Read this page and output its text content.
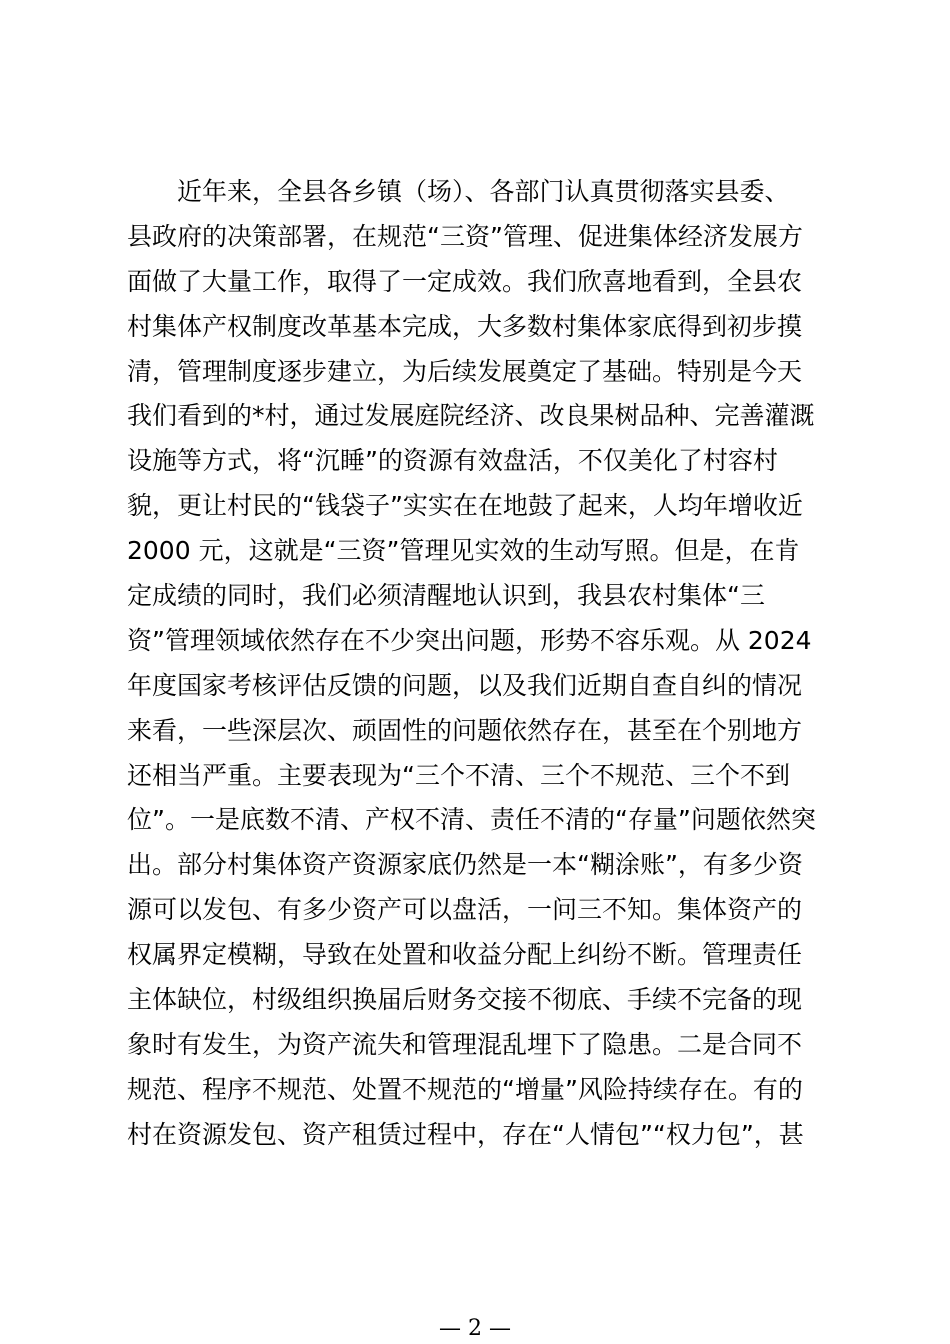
近年来，全县各乡镇（场）、各部门认真贯彻落实县委、
县政府的决策部署，在规范“三资”管理、促进集体经济发展方
面做了大量工作，取得了一定成效。我们欣喜地看到，全县农
村集体产权制度改革基本完成，大多数村集体家底得到初步摸
清，管理制度逐步建立，为后续发展奠定了基础。特别是今天
我们看到的*村，通过发展庭院经济、改良果树品种、完善灌溉
设施等方式，将“沉睡”的资源有效盘活，不仅美化了村容村
貌，更让村民的“钱袋子”实实在在地鼓了起来，人均年增收近
2000 元，这就是“三资”管理见实效的生动写照。但是，在肯
定成绩的同时，我们必须清醒地认识到，我县农村集体“三
资”管理领域依然存在不少突出问题，形势不容乐观。从 2024
年度国家考核评估反馈的问题，以及我们近期自查自纠的情况
来看，一些深层次、顽固性的问题依然存在，甚至在个别地方
还相当严重。主要表现为“三个不清、三个不规范、三个不到
位”。一是底数不清、产权不清、责任不清的“存量”问题依然突
出。部分村集体资产资源家底仍然是一本“糊涂账”，有多少资
源可以发包、有多少资产可以盘活，一问三不知。集体资产的
权属界定模糊，导致在处置和收益分配上纠纷不断。管理责任
主体缺位，村级组织换届后财务交接不彻底、手续不完备的现
象时有发生，为资产流失和管理混乱埋下了隐患。二是合同不
规范、程序不规范、处置不规范的“增量”风险持续存在。有的
村在资源发包、资产租赁过程中，存在“人情包”“权力包”，甚
— 2 —
